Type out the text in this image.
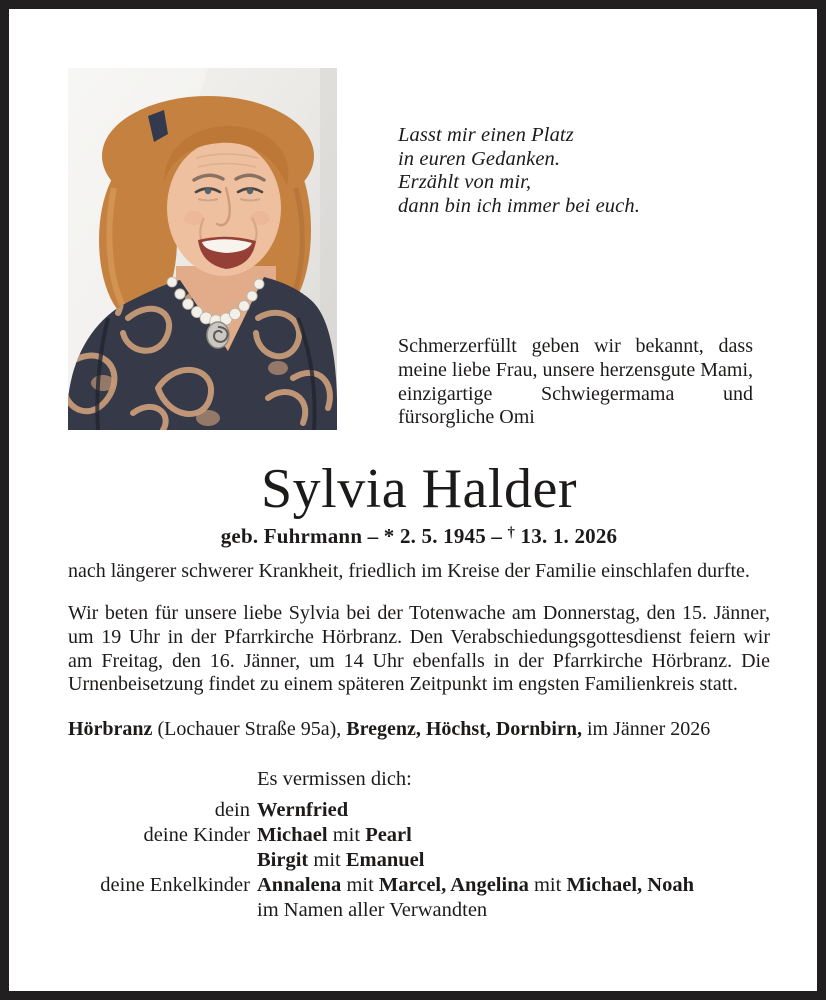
Lasst mir einen Platz
in euren Gedanken.
Erzählt von mir,
dann bin ich immer bei euch.

Schmerzerfüllt geben wir bekannt, dass meine liebe Frau, unsere herzensgute Mami, einzigartige Schwiegermama und fürsorgliche Omi

Sylvia Halder
geb. Fuhrmann – * 2. 5. 1945 – † 13. 1. 2026

nach längerer schwerer Krankheit, friedlich im Kreise der Familie einschlafen durfte.

Wir beten für unsere liebe Sylvia bei der Totenwache am Donnerstag, den 15. Jänner, um 19 Uhr in der Pfarrkirche Hörbranz. Den Verabschiedungsgottesdienst feiern wir am Freitag, den 16. Jänner, um 14 Uhr ebenfalls in der Pfarrkirche Hörbranz. Die Urnenbeisetzung findet zu einem späteren Zeitpunkt im engsten Familienkreis statt.

Hörbranz (Lochauer Straße 95a), Bregenz, Höchst, Dornbirn, im Jänner 2026

Es vermissen dich:
dein Wernfried
deine Kinder Michael mit Pearl
Birgit mit Emanuel
deine Enkelkinder Annalena mit Marcel, Angelina mit Michael, Noah
im Namen aller Verwandten
